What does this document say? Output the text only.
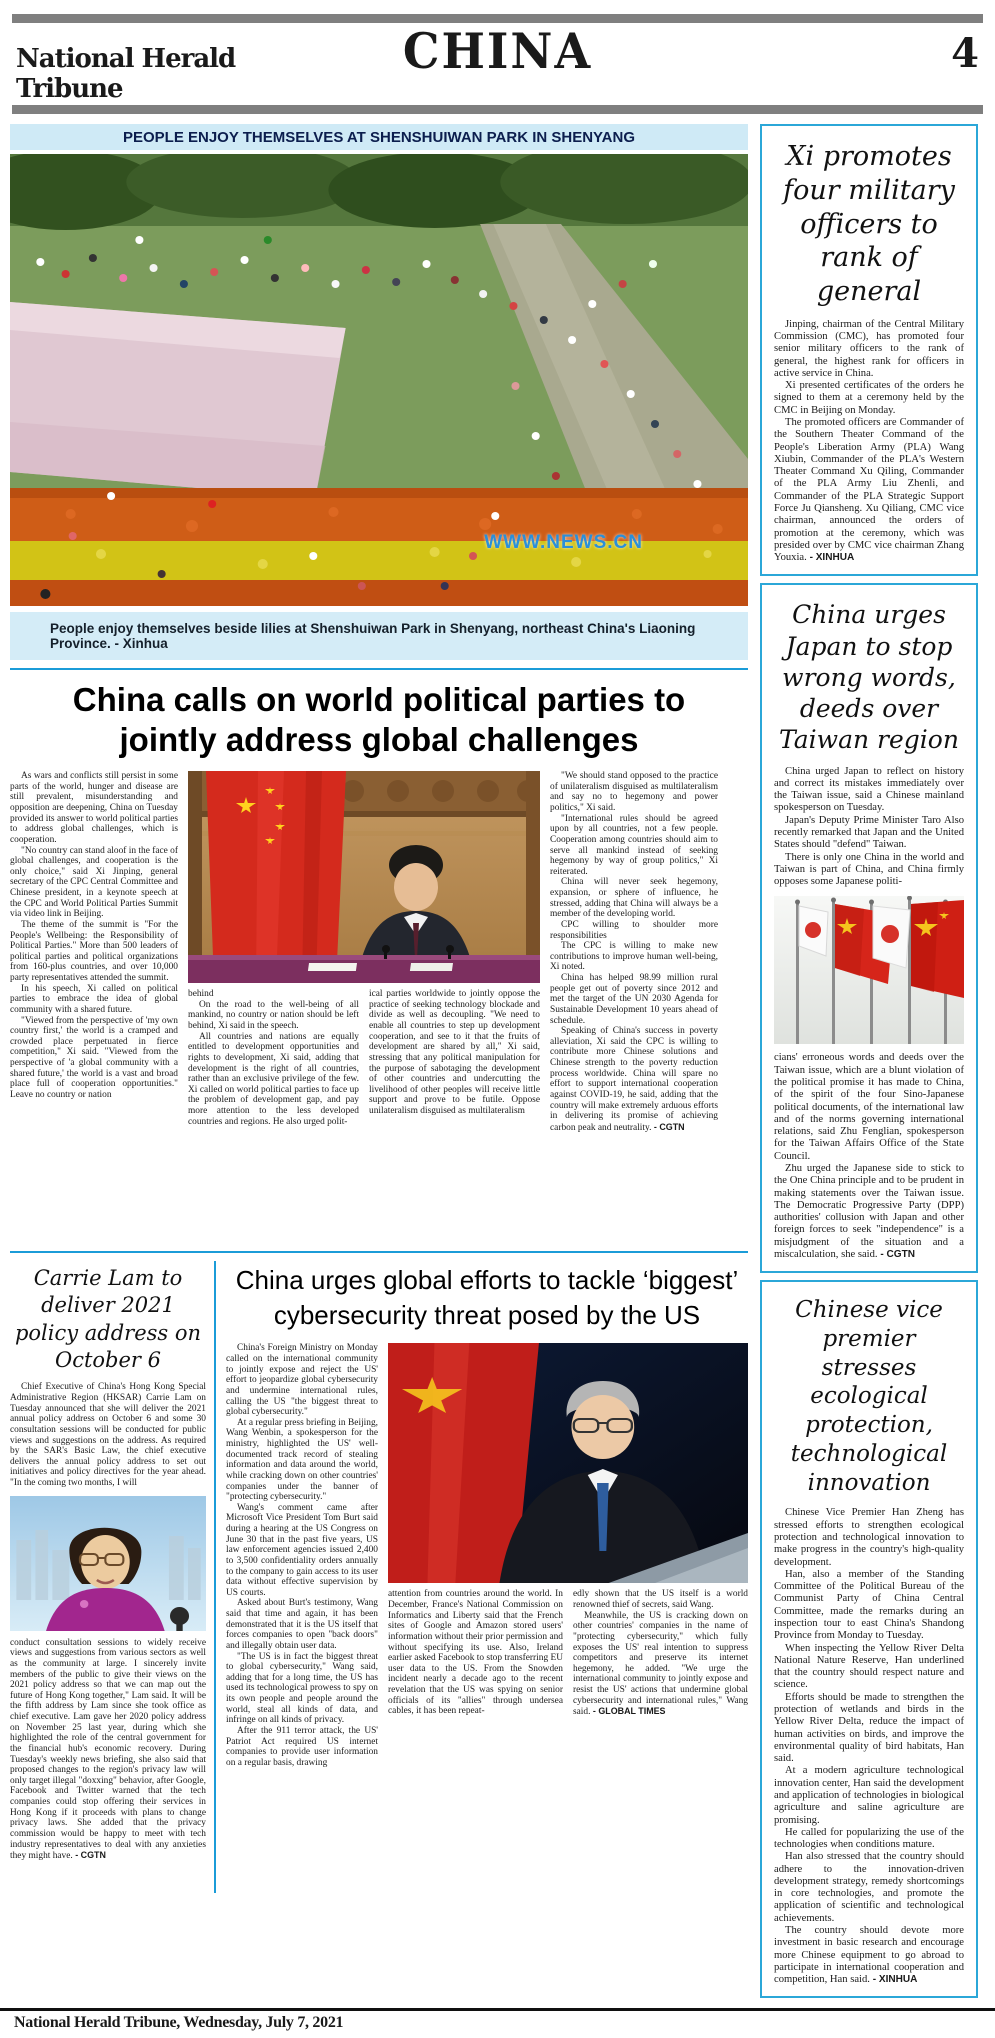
National Herald Tribune
CHINA	4
PEOPLE ENJOY THEMSELVES AT SHENSHUIWAN PARK IN SHENYANG
WWW.NEWS.CN
People enjoy themselves beside lilies at Shenshuiwan Park in Shenyang, northeast China's Liaoning Province. - Xinhua
China calls on world political parties to jointly address global challenges

As wars and conflicts still persist in some parts of the world, hunger and disease are still prevalent, misunderstanding and opposition are deepening, China on Tuesday provided its answer to world political parties to address global challenges, which is cooperation.

"No country can stand aloof in the face of global challenges, and cooperation is the only choice," said Xi Jinping, general secretary of the CPC Central Committee and Chinese president, in a keynote speech at the CPC and World Political Parties Summit via video link in Beijing.

The theme of the summit is "For the People's Wellbeing: the Responsibility of Political Parties." More than 500 leaders of political parties and political organizations from 160-plus countries, and over 10,000 party representatives attended the summit.

In his speech, Xi called on political parties to embrace the idea of global community with a shared future.

"Viewed from the perspective of 'my own country first,' the world is a cramped and crowded place perpetuated in fierce competition," Xi said. "Viewed from the perspective of 'a global community with a shared future,' the world is a vast and broad place full of cooperation opportunities." Leave no country or nation

behind

On the road to the well-being of all mankind, no country or nation should be left behind, Xi said in the speech.

All countries and nations are equally entitled to development opportunities and rights to development, Xi said, adding that development is the right of all countries, rather than an exclusive privilege of the few. Xi called on world political parties to face up the problem of development gap, and pay more attention to the less developed countries and regions. He also urged polit-

ical parties worldwide to jointly oppose the practice of seeking technology blockade and divide as well as decoupling. "We need to enable all countries to step up development cooperation, and see to it that the fruits of development are shared by all," Xi said, stressing that any political manipulation for the purpose of sabotaging the development of other countries and undercutting the livelihood of other peoples will receive little support and prove to be futile. Oppose unilateralism disguised as multilateralism

"We should stand opposed to the practice of unilateralism disguised as multilateralism and say no to hegemony and power politics," Xi said.

"International rules should be agreed upon by all countries, not a few people. Cooperation among countries should aim to serve all mankind instead of seeking hegemony by way of group politics," Xi reiterated.

China will never seek hegemony, expansion, or sphere of influence, he stressed, adding that China will always be a member of the developing world.

CPC willing to shoulder more responsibilities

The CPC is willing to make new contributions to improve human well-being, Xi noted.

China has helped 98.99 million rural people get out of poverty since 2012 and met the target of the UN 2030 Agenda for Sustainable Development 10 years ahead of schedule.

Speaking of China's success in poverty alleviation, Xi said the CPC is willing to contribute more Chinese solutions and Chinese strength to the poverty reduction process worldwide. China will spare no effort to support international cooperation against COVID-19, he said, adding that the country will make extremely arduous efforts in delivering its promise of achieving carbon peak and neutrality. - CGTN

Carrie Lam to deliver 2021 policy address on October 6

Chief Executive of China's Hong Kong Special Administrative Region (HKSAR) Carrie Lam on Tuesday announced that she will deliver the 2021 annual policy address on October 6 and some 30 consultation sessions will be conducted for public views and suggestions on the address. As required by the SAR's Basic Law, the chief executive delivers the annual policy address to set out initiatives and policy directives for the year ahead. "In the coming two months, I will

conduct consultation sessions to widely receive views and suggestions from various sectors as well as the community at large. I sincerely invite members of the public to give their views on the 2021 policy address so that we can map out the future of Hong Kong together," Lam said. It will be the fifth address by Lam since she took office as chief executive. Lam gave her 2020 policy address on November 25 last year, during which she highlighted the role of the central government for the financial hub's economic recovery. During Tuesday's weekly news briefing, she also said that proposed changes to the region's privacy law will only target illegal "doxxing" behavior, after Google, Facebook and Twitter warned that the tech companies could stop offering their services in Hong Kong if it proceeds with plans to change privacy laws. She added that the privacy commission would be happy to meet with tech industry representatives to deal with any anxieties they might have. - CGTN

China urges global efforts to tackle ‘biggest’ cybersecurity threat posed by the US

China's Foreign Ministry on Monday called on the international community to jointly expose and reject the US' effort to jeopardize global cybersecurity and undermine international rules, calling the US "the biggest threat to global cybersecurity."

At a regular press briefing in Beijing, Wang Wenbin, a spokesperson for the ministry, highlighted the US' well-documented track record of stealing information and data around the world, while cracking down on other countries' companies under the banner of "protecting cybersecurity."

Wang's comment came after Microsoft Vice President Tom Burt said during a hearing at the US Congress on June 30 that in the past five years, US law enforcement agencies issued 2,400 to 3,500 confidentiality orders annually to the company to gain access to its user data without effective supervision by US courts.

Asked about Burt's testimony, Wang said that time and again, it has been demonstrated that it is the US itself that forces companies to open "back doors" and illegally obtain user data.

"The US is in fact the biggest threat to global cybersecurity," Wang said, adding that for a long time, the US has used its technological prowess to spy on its own people and people around the world, steal all kinds of data, and infringe on all kinds of privacy.

After the 911 terror attack, the US' Patriot Act required US internet companies to provide user information on a regular basis, drawing

attention from countries around the world. In December, France's National Commission on Informatics and Liberty said that the French sites of Google and Amazon stored users' information without their prior permission and without specifying its use. Also, Ireland earlier asked Facebook to stop transferring EU user data to the US. From the Snowden incident nearly a decade ago to the recent revelation that the US was spying on senior officials of its "allies" through undersea cables, it has been repeat-

edly shown that the US itself is a world renowned thief of secrets, said Wang.

Meanwhile, the US is cracking down on other countries' companies in the name of "protecting cybersecurity," which fully exposes the US' real intention to suppress competitors and preserve its internet hegemony, he added. "We urge the international community to jointly expose and resist the US' actions that undermine global cybersecurity and international rules," Wang said. - GLOBAL TIMES

Xi promotes four military officers to rank of general

Jinping, chairman of the Central Military Commission (CMC), has promoted four senior military officers to the rank of general, the highest rank for officers in active service in China.

Xi presented certificates of the orders he signed to them at a ceremony held by the CMC in Beijing on Monday.

The promoted officers are Commander of the Southern Theater Command of the People's Liberation Army (PLA) Wang Xiubin, Commander of the PLA's Western Theater Command Xu Qiling, Commander of the PLA Army Liu Zhenli, and Commander of the PLA Strategic Support Force Ju Qiansheng. Xu Qiliang, CMC vice chairman, announced the orders of promotion at the ceremony, which was presided over by CMC vice chairman Zhang Youxia. - XINHUA

China urges Japan to stop wrong words, deeds over Taiwan region

China urged Japan to reflect on history and correct its mistakes immediately over the Taiwan issue, said a Chinese mainland spokesperson on Tuesday.

Japan's Deputy Prime Minister Taro Also recently remarked that Japan and the United States should "defend" Taiwan.

There is only one China in the world and Taiwan is part of China, and China firmly opposes some Japanese politi-

cians' erroneous words and deeds over the Taiwan issue, which are a blunt violation of the political promise it has made to China, of the spirit of the four Sino-Japanese political documents, of the international law and of the norms governing international relations, said Zhu Fenglian, spokesperson for the Taiwan Affairs Office of the State Council.

Zhu urged the Japanese side to stick to the One China principle and to be prudent in making statements over the Taiwan issue. The Democratic Progressive Party (DPP) authorities' collusion with Japan and other foreign forces to seek "independence" is a misjudgment of the situation and a miscalculation, she said. - CGTN

Chinese vice premier stresses ecological protection, technological innovation

Chinese Vice Premier Han Zheng has stressed efforts to strengthen ecological protection and technological innovation to make progress in the country's high-quality development.

Han, also a member of the Standing Committee of the Political Bureau of the Communist Party of China Central Committee, made the remarks during an inspection tour to east China's Shandong Province from Monday to Tuesday.

When inspecting the Yellow River Delta National Nature Reserve, Han underlined that the country should respect nature and science.

Efforts should be made to strengthen the protection of wetlands and birds in the Yellow River Delta, reduce the impact of human activities on birds, and improve the environmental quality of bird habitats, Han said.

At a modern agriculture technological innovation center, Han said the development and application of technologies in biological agriculture and saline agriculture are promising.

He called for popularizing the use of the technologies when conditions mature.

Han also stressed that the country should adhere to the innovation-driven development strategy, remedy shortcomings in core technologies, and promote the application of scientific and technological achievements.

The country should devote more investment in basic research and encourage more Chinese equipment to go abroad to participate in international cooperation and competition, Han said. - XINHUA

National Herald Tribune, Wednesday, July 7, 2021
